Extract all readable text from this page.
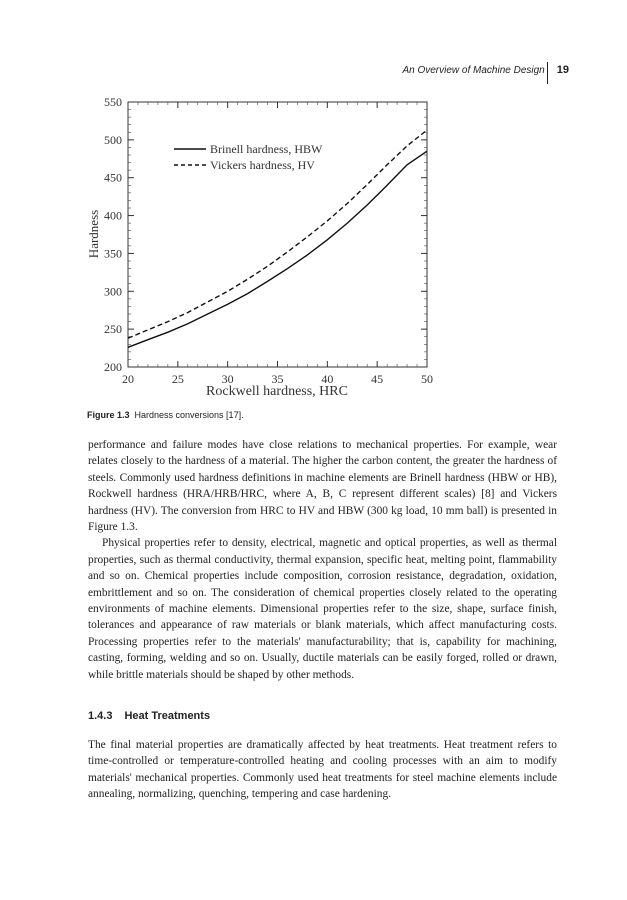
An Overview of Machine Design 19
20	25	30	35	40	45	50
200
250
300
350
400
450
500
550
Brinell hardness, HBW
Vickers hardness, HV
Rockwell hardness, HRC
Hardness
Figure 1.3 Hardness conversions [17].

performance and failure modes have close relations to mechanical properties. For example, wear relates closely to the hardness of a material. The higher the carbon content, the greater the hardness of steels. Commonly used hardness definitions in machine elements are Brinell hardness (HBW or HB), Rockwell hardness (HRA/HRB/HRC, where A, B, C represent different scales) [8] and Vickers hardness (HV). The conversion from HRC to HV and HBW (300 kg load, 10 mm ball) is presented in Figure 1.3.

Physical properties refer to density, electrical, magnetic and optical properties, as well as thermal properties, such as thermal conductivity, thermal expansion, specific heat, melting point, flammability and so on. Chemical properties include composition, corrosion resistance, degradation, oxidation, embrittlement and so on. The consideration of chemical properties closely related to the operating environments of machine elements. Dimensional properties refer to the size, shape, surface finish, tolerances and appearance of raw materials or blank materials, which affect manufacturing costs. Processing properties refer to the materials' manufacturability; that is, capability for machining, casting, forming, welding and so on. Usually, ductile materials can be easily forged, rolled or drawn, while brittle materials should be shaped by other methods.

1.4.3 Heat Treatments

The final material properties are dramatically affected by heat treatments. Heat treatment refers to time-controlled or temperature-controlled heating and cooling processes with an aim to modify materials' mechanical properties. Commonly used heat treatments for steel machine elements include annealing, normalizing, quenching, tempering and case hardening.
